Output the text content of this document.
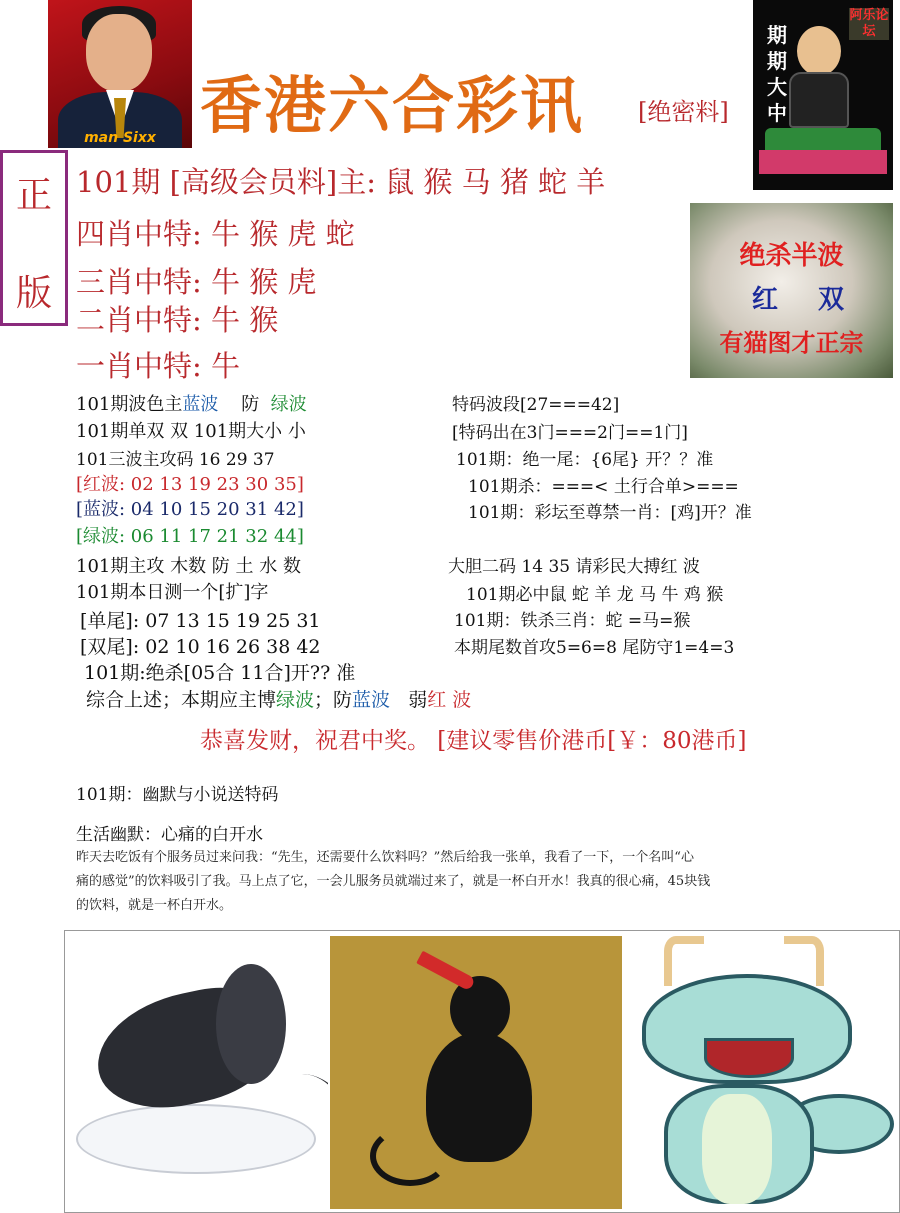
man Sixx 香港六合彩讯 [绝密料]
期期大中
阿乐论坛
正
版
101期 [高级会员料]主: 鼠 猴 马 猪 蛇 羊
四肖中特: 牛 猴 虎 蛇
三肖中特: 牛 猴 虎
二肖中特: 牛 猴
一肖中特: 牛
绝杀半波
红 双
有猫图才正宗
101期波色主蓝波 防 绿波
101期单双 双 101期大小 小
101三波主攻码 16 29 37
[红波: 02 13 19 23 30 35]
[蓝波: 04 10 15 20 31 42]
[绿波: 06 11 17 21 32 44]
101期主攻 木数 防 土 水 数
101期本日测一个[扩]字
[单尾]: 07 13 15 19 25 31
[双尾]: 02 10 16 26 38 42
101期:绝杀[05合 11合]开?? 准
综合上述；本期应主博绿波；防蓝波 弱红 波
特码波段[27===42]
[特码出在3门===2门==1门]
101期：绝一尾：{6尾} 开？？准
101期杀：===< 土行合单>===
101期：彩坛至尊禁一肖：[鸡]开？准
大胆二码 14 35 请彩民大搏红 波
101期必中鼠 蛇 羊 龙 马 牛 鸡 猴
101期：铁杀三肖：蛇 =马=猴
本期尾数首攻5=6=8 尾防守1=4=3
恭喜发财，祝君中奖。 [建议零售价港币[￥：80港币]
101期：幽默与小说送特码
生活幽默：心痛的白开水
昨天去吃饭有个服务员过来问我：“先生，还需要什么饮料吗？”然后给我一张单，我看了一下，一个名叫“心
痛的感觉”的饮料吸引了我。马上点了它，一会儿服务员就端过来了，就是一杯白开水！我真的很心痛，45块钱
的饮料，就是一杯白开水。
